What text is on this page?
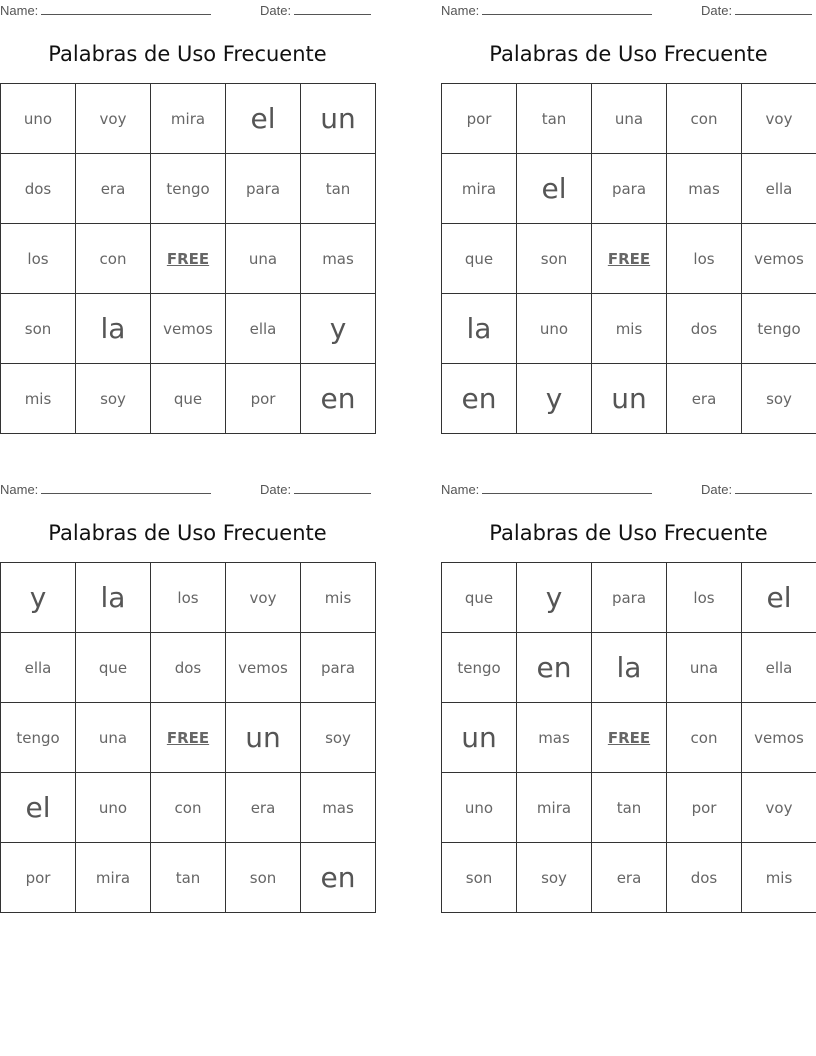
Name:	Date:
Palabras de Uso Frecuente
uno	voy	mira	el	un
dos	era	tengo	para	tan
los	con	FREE	una	mas
son	la	vemos	ella	y
mis	soy	que	por	en
Name:	Date:
Palabras de Uso Frecuente
por	tan	una	con	voy
mira	el	para	mas	ella
que	son	FREE	los	vemos
la	uno	mis	dos	tengo
en	y	un	era	soy
Name:	Date:
Palabras de Uso Frecuente
y	la	los	voy	mis
ella	que	dos	vemos	para
tengo	una	FREE	un	soy
el	uno	con	era	mas
por	mira	tan	son	en
Name:	Date:
Palabras de Uso Frecuente
que	y	para	los	el
tengo	en	la	una	ella
un	mas	FREE	con	vemos
uno	mira	tan	por	voy
son	soy	era	dos	mis
